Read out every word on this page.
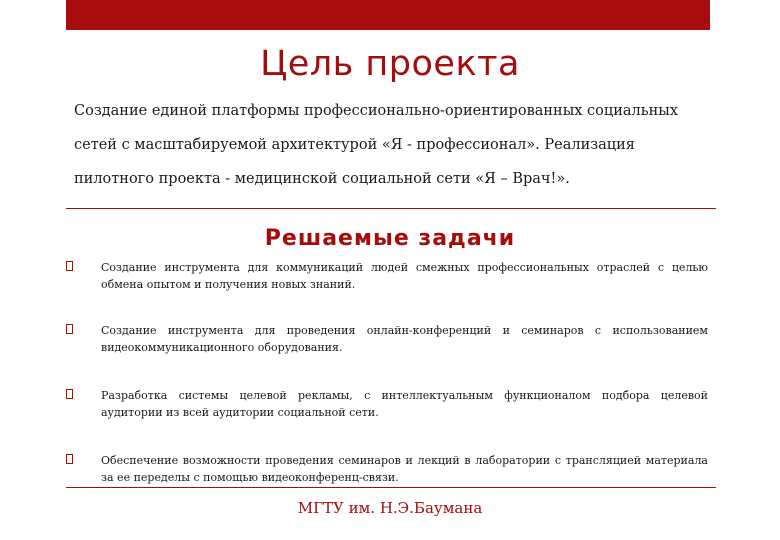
Цель проекта
Создание единой платформы профессионально-ориентированных социальных сетей с масштабируемой архитектурой «Я - профессионал». Реализация пилотного проекта - медицинской социальной сети «Я – Врач!».
Решаемые задачи
Создание инструмента для коммуникаций людей смежных профессиональных отраслей с целью обмена опытом и получения новых знаний.
Создание инструмента для проведения онлайн-конференций и семинаров с использованием видеокоммуникационного оборудования.
Разработка системы целевой рекламы, с интеллектуальным функционалом подбора целевой аудитории из всей аудитории социальной сети.
Обеспечение возможности проведения семинаров и лекций в лаборатории с трансляцией материала за ее переделы с помощью видеоконференц-связи.
МГТУ им. Н.Э.Баумана
